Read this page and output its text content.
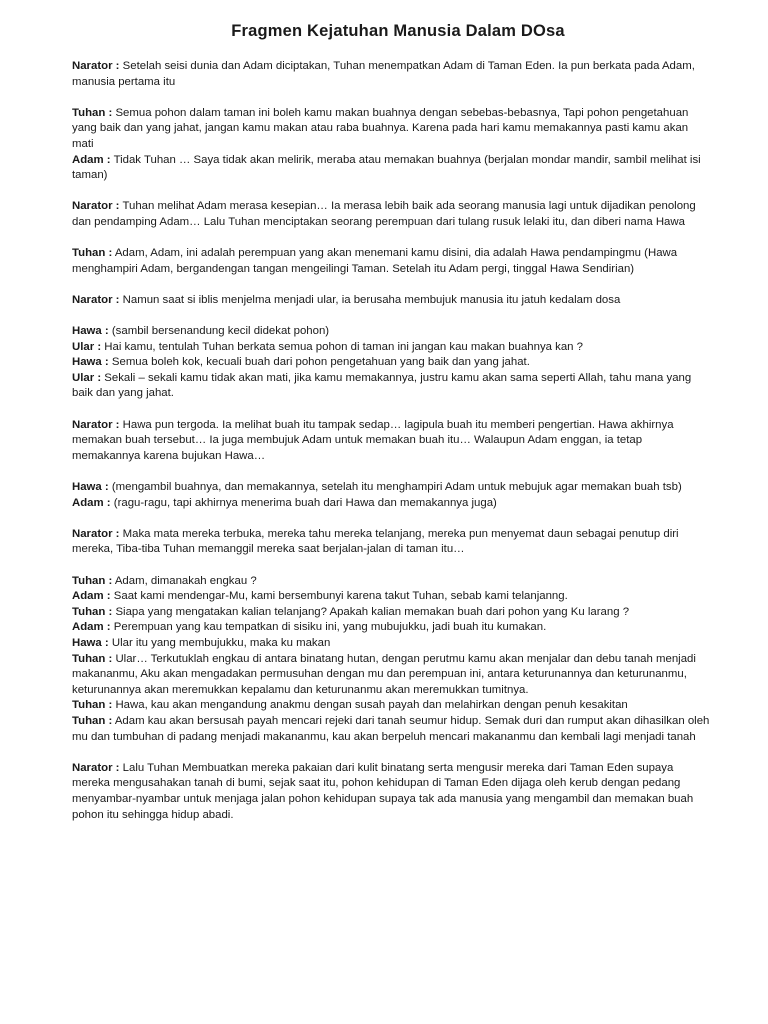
Fragmen Kejatuhan Manusia Dalam DOsa

Narator : Setelah seisi dunia dan Adam diciptakan, Tuhan menempatkan Adam di Taman Eden. Ia pun berkata pada Adam, manusia pertama itu

Tuhan : Semua pohon dalam taman ini boleh kamu makan buahnya dengan sebebas-bebasnya, Tapi pohon pengetahuan yang baik dan yang jahat, jangan kamu makan atau raba buahnya. Karena pada hari kamu memakannya pasti kamu akan mati

Adam : Tidak Tuhan … Saya tidak akan melirik, meraba atau memakan buahnya (berjalan mondar mandir, sambil melihat isi taman)

Narator : Tuhan melihat Adam merasa kesepian… Ia merasa lebih baik ada seorang manusia lagi untuk dijadikan penolong dan pendamping Adam… Lalu Tuhan menciptakan seorang perempuan dari tulang rusuk lelaki itu, dan diberi nama Hawa

Tuhan : Adam, Adam, ini adalah perempuan yang akan menemani kamu disini, dia adalah Hawa pendampingmu (Hawa menghampiri Adam, bergandengan tangan mengeilingi Taman. Setelah itu Adam pergi, tinggal Hawa Sendirian)

Narator : Namun saat si iblis menjelma menjadi ular, ia berusaha membujuk manusia itu jatuh kedalam dosa

Hawa : (sambil bersenandung kecil didekat pohon)

Ular : Hai kamu, tentulah Tuhan berkata semua pohon di taman ini jangan kau makan buahnya kan ?

Hawa : Semua boleh kok, kecuali buah dari pohon pengetahuan yang baik dan yang jahat.

Ular : Sekali – sekali kamu tidak akan mati, jika kamu memakannya, justru kamu akan sama seperti Allah, tahu mana yang baik dan yang jahat.

Narator : Hawa pun tergoda. Ia melihat buah itu tampak sedap… lagipula buah itu memberi pengertian. Hawa akhirnya memakan buah tersebut… Ia juga membujuk Adam untuk memakan buah itu… Walaupun Adam enggan, ia tetap memakannya karena bujukan Hawa…

Hawa : (mengambil buahnya, dan memakannya, setelah itu menghampiri Adam untuk mebujuk agar memakan buah tsb)

Adam : (ragu-ragu, tapi akhirnya menerima buah dari Hawa dan memakannya juga)

Narator : Maka mata mereka terbuka, mereka tahu mereka telanjang, mereka pun menyemat daun sebagai penutup diri mereka, Tiba-tiba Tuhan memanggil mereka saat berjalan-jalan di taman itu…

Tuhan : Adam, dimanakah engkau ?

Adam : Saat kami mendengar-Mu, kami bersembunyi karena takut Tuhan, sebab kami telanjanng.

Tuhan : Siapa yang mengatakan kalian telanjang? Apakah kalian memakan buah dari pohon yang Ku larang ?

Adam : Perempuan yang kau tempatkan di sisiku ini, yang mubujukku, jadi buah itu kumakan.

Hawa : Ular itu yang membujukku, maka ku makan

Tuhan : Ular… Terkutuklah engkau di antara binatang hutan, dengan perutmu kamu akan menjalar dan debu tanah menjadi makananmu, Aku akan mengadakan permusuhan dengan mu dan perempuan ini, antara keturunannya dan keturunanmu, keturunannya akan meremukkan kepalamu dan keturunanmu akan meremukkan tumitnya.

Tuhan : Hawa, kau akan mengandung anakmu dengan susah payah dan melahirkan dengan penuh kesakitan

Tuhan : Adam kau akan bersusah payah mencari rejeki dari tanah seumur hidup. Semak duri dan rumput akan dihasilkan oleh mu dan tumbuhan di padang menjadi makananmu, kau akan berpeluh mencari makananmu dan kembali lagi menjadi tanah

Narator : Lalu Tuhan Membuatkan mereka pakaian dari kulit binatang serta mengusir mereka dari Taman Eden supaya mereka mengusahakan tanah di bumi, sejak saat itu, pohon kehidupan di Taman Eden dijaga oleh kerub dengan pedang menyambar-nyambar untuk menjaga jalan pohon kehidupan supaya tak ada manusia yang mengambil dan memakan buah pohon itu sehingga hidup abadi.
